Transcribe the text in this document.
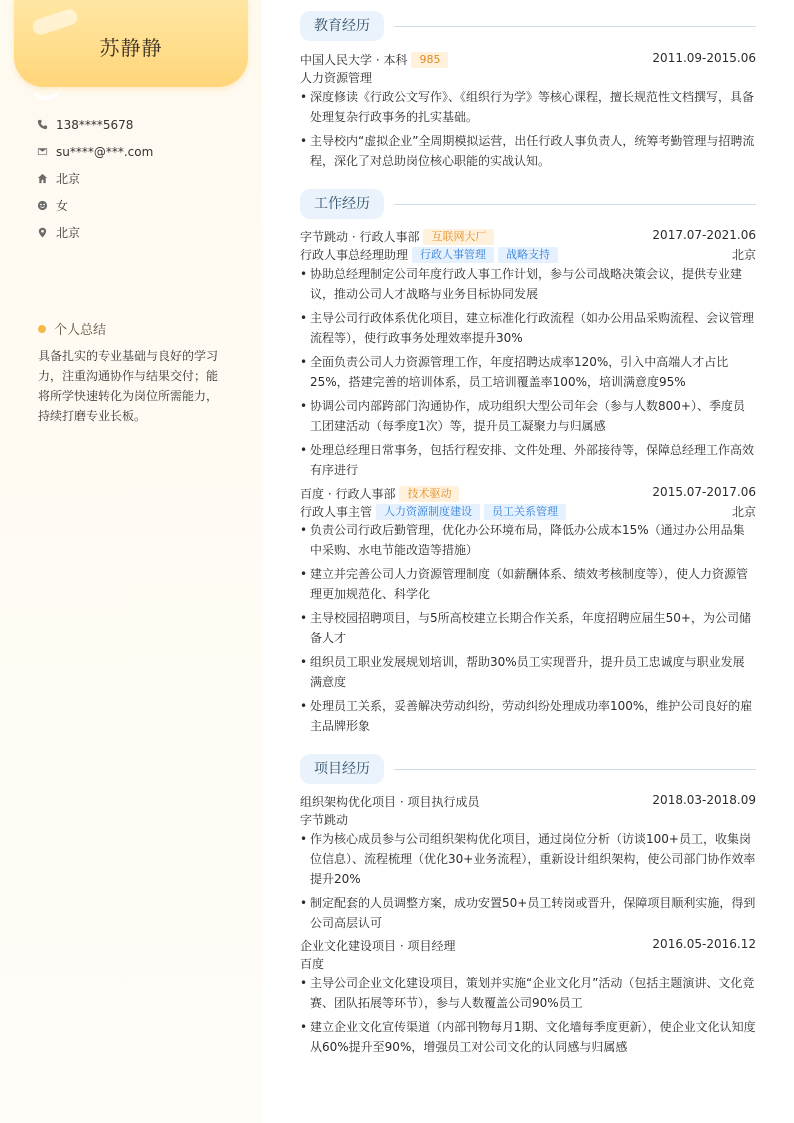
苏静静
138****5678
su****@***.com
北京
女
北京
个人总结
具备扎实的专业基础与良好的学习力，注重沟通协作与结果交付；能将所学快速转化为岗位所需能力，持续打磨专业长板。
教育经历
中国人民大学 · 本科 985	2011.09-2015.06
人力资源管理
• 深度修读《行政公文写作》、《组织行为学》等核心课程，擅长规范性文档撰写，具备处理复杂行政事务的扎实基础。
• 主导校内“虚拟企业”全周期模拟运营，出任行政人事负责人，统筹考勤管理与招聘流程，深化了对总助岗位核心职能的实战认知。
工作经历
字节跳动 · 行政人事部 互联网大厂	2017.07-2021.06
行政人事总经理助理 行政人事管理 战略支持	北京
• 协助总经理制定公司年度行政人事工作计划，参与公司战略决策会议，提供专业建议，推动公司人才战略与业务目标协同发展
• 主导公司行政体系优化项目，建立标准化行政流程（如办公用品采购流程、会议管理流程等），使行政事务处理效率提升30%
• 全面负责公司人力资源管理工作，年度招聘达成率120%，引入中高端人才占比25%，搭建完善的培训体系，员工培训覆盖率100%，培训满意度95%
• 协调公司内部跨部门沟通协作，成功组织大型公司年会（参与人数800+）、季度员工团建活动（每季度1次）等，提升员工凝聚力与归属感
• 处理总经理日常事务，包括行程安排、文件处理、外部接待等，保障总经理工作高效有序进行
百度 · 行政人事部 技术驱动	2015.07-2017.06
行政人事主管 人力资源制度建设 员工关系管理	北京
• 负责公司行政后勤管理，优化办公环境布局，降低办公成本15%（通过办公用品集中采购、水电节能改造等措施）
• 建立并完善公司人力资源管理制度（如薪酬体系、绩效考核制度等），使人力资源管理更加规范化、科学化
• 主导校园招聘项目，与5所高校建立长期合作关系，年度招聘应届生50+，为公司储备人才
• 组织员工职业发展规划培训，帮助30%员工实现晋升，提升员工忠诚度与职业发展满意度
• 处理员工关系，妥善解决劳动纠纷，劳动纠纷处理成功率100%，维护公司良好的雇主品牌形象
项目经历
组织架构优化项目 · 项目执行成员	2018.03-2018.09
字节跳动
• 作为核心成员参与公司组织架构优化项目，通过岗位分析（访谈100+员工，收集岗位信息）、流程梳理（优化30+业务流程），重新设计组织架构，使公司部门协作效率提升20%
• 制定配套的人员调整方案，成功安置50+员工转岗或晋升，保障项目顺利实施，得到公司高层认可
企业文化建设项目 · 项目经理	2016.05-2016.12
百度
• 主导公司企业文化建设项目，策划并实施“企业文化月”活动（包括主题演讲、文化竞赛、团队拓展等环节），参与人数覆盖公司90%员工
• 建立企业文化宣传渠道（内部刊物每月1期、文化墙每季度更新），使企业文化认知度从60%提升至90%，增强员工对公司文化的认同感与归属感
